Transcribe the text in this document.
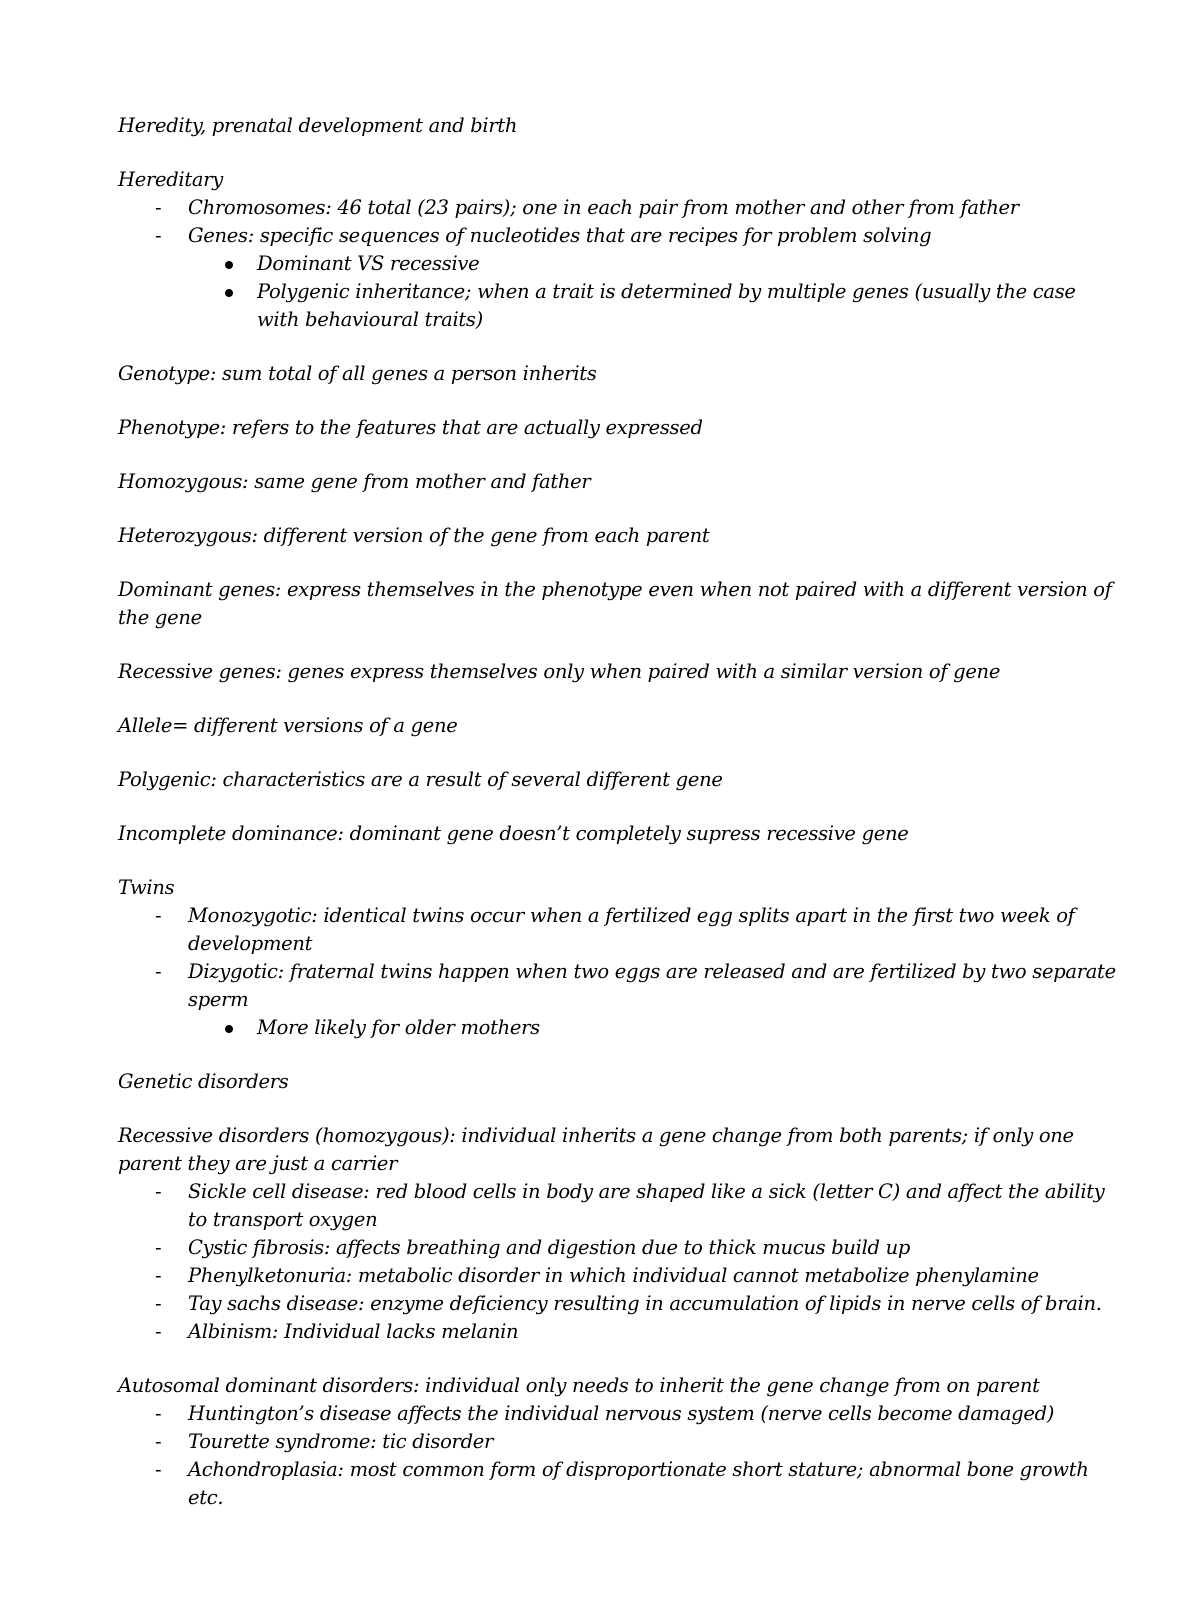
Heredity, prenatal development and birth

Hereditary

- Chromosomes: 46 total (23 pairs); one in each pair from mother and other from father
- Genes: specific sequences of nucleotides that are recipes for problem solving
Dominant VS recessive
Polygenic inheritance; when a trait is determined by multiple genes (usually the case with behavioural traits)

Genotype: sum total of all genes a person inherits

Phenotype: refers to the features that are actually expressed

Homozygous: same gene from mother and father

Heterozygous: different version of the gene from each parent

Dominant genes: express themselves in the phenotype even when not paired with a different version of the gene

Recessive genes: genes express themselves only when paired with a similar version of gene

Allele= different versions of a gene

Polygenic: characteristics are a result of several different gene

Incomplete dominance: dominant gene doesn’t completely supress recessive gene

Twins

- Monozygotic: identical twins occur when a fertilized egg splits apart in the first two week of development
- Dizygotic: fraternal twins happen when two eggs are released and are fertilized by two separate sperm
More likely for older mothers

Genetic disorders

Recessive disorders (homozygous): individual inherits a gene change from both parents; if only one parent they are just a carrier

- Sickle cell disease: red blood cells in body are shaped like a sick (letter C) and affect the ability to transport oxygen
- Cystic fibrosis: affects breathing and digestion due to thick mucus build up
- Phenylketonuria: metabolic disorder in which individual cannot metabolize phenylamine
- Tay sachs disease: enzyme deficiency resulting in accumulation of lipids in nerve cells of brain.
- Albinism: Individual lacks melanin

Autosomal dominant disorders: individual only needs to inherit the gene change from on parent

- Huntington’s disease affects the individual nervous system (nerve cells become damaged)
- Tourette syndrome: tic disorder
- Achondroplasia: most common form of disproportionate short stature; abnormal bone growth etc.
